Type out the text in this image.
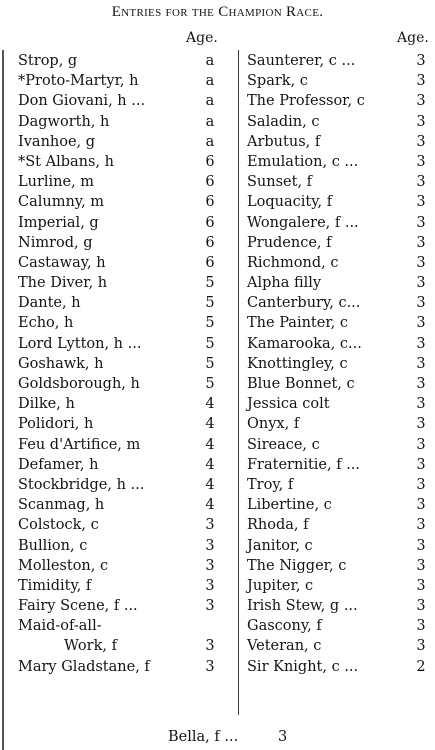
Entries for the Champion Race.
Age.	Age.
Strop, g	a
*Proto-Martyr, h	a
Don Giovani, h ...	a
Dagworth, h	a
Ivanhoe, g	a
*St Albans, h	6
Lurline, m	6
Calumny, m	6
Imperial, g	6
Nimrod, g	6
Castaway, h	6
The Diver, h	5
Dante, h	5
Echo, h	5
Lord Lytton, h ...	5
Goshawk, h	5
Goldsborough, h	5
Dilke, h	4
Polidori, h	4
Feu d'Artifice, m	4
Defamer, h	4
Stockbridge, h ...	4
Scanmag, h	4
Colstock, c	3
Bullion, c	3
Molleston, c	3
Timidity, f	3
Fairy Scene, f ...	3
Maid-of-all-
Work, f	3
Mary Gladstane, f	3
Saunterer, c ...	3
Spark, c	3
The Professor, c	3
Saladin, c	3
Arbutus, f	3
Emulation, c ...	3
Sunset, f	3
Loquacity, f	3
Wongalere, f ...	3
Prudence, f	3
Richmond, c	3
Alpha filly	3
Canterbury, c...	3
The Painter, c	3
Kamarooka, c...	3
Knottingley, c	3
Blue Bonnet, c	3
Jessica colt	3
Onyx, f	3
Sireace, c	3
Fraternitie, f ...	3
Troy, f	3
Libertine, c	3
Rhoda, f	3
Janitor, c	3
The Nigger, c	3
Jupiter, c	3
Irish Stew, g ...	3
Gascony, f	3
Veteran, c	3
Sir Knight, c ...	2
Bella, f ...	3
